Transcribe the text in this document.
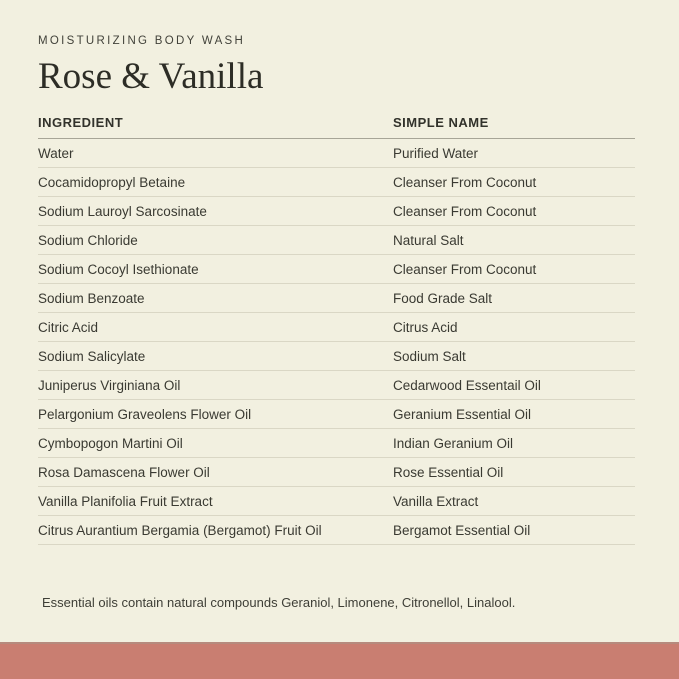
MOISTURIZING BODY WASH
Rose & Vanilla
INGREDIENT	SIMPLE NAME
Water	Purified Water
Cocamidopropyl Betaine	Cleanser From Coconut
Sodium Lauroyl Sarcosinate	Cleanser From Coconut
Sodium Chloride	Natural Salt
Sodium Cocoyl Isethionate	Cleanser From Coconut
Sodium Benzoate	Food Grade Salt
Citric Acid	Citrus Acid
Sodium Salicylate	Sodium Salt
Juniperus Virginiana Oil	Cedarwood Essentail Oil
Pelargonium Graveolens Flower Oil	Geranium Essential Oil
Cymbopogon Martini Oil	Indian Geranium Oil
Rosa Damascena Flower Oil	Rose Essential Oil
Vanilla Planifolia Fruit Extract	Vanilla Extract
Citrus Aurantium Bergamia (Bergamot) Fruit Oil	Bergamot Essential Oil

Essential oils contain natural compounds Geraniol, Limonene, Citronellol, Linalool.
